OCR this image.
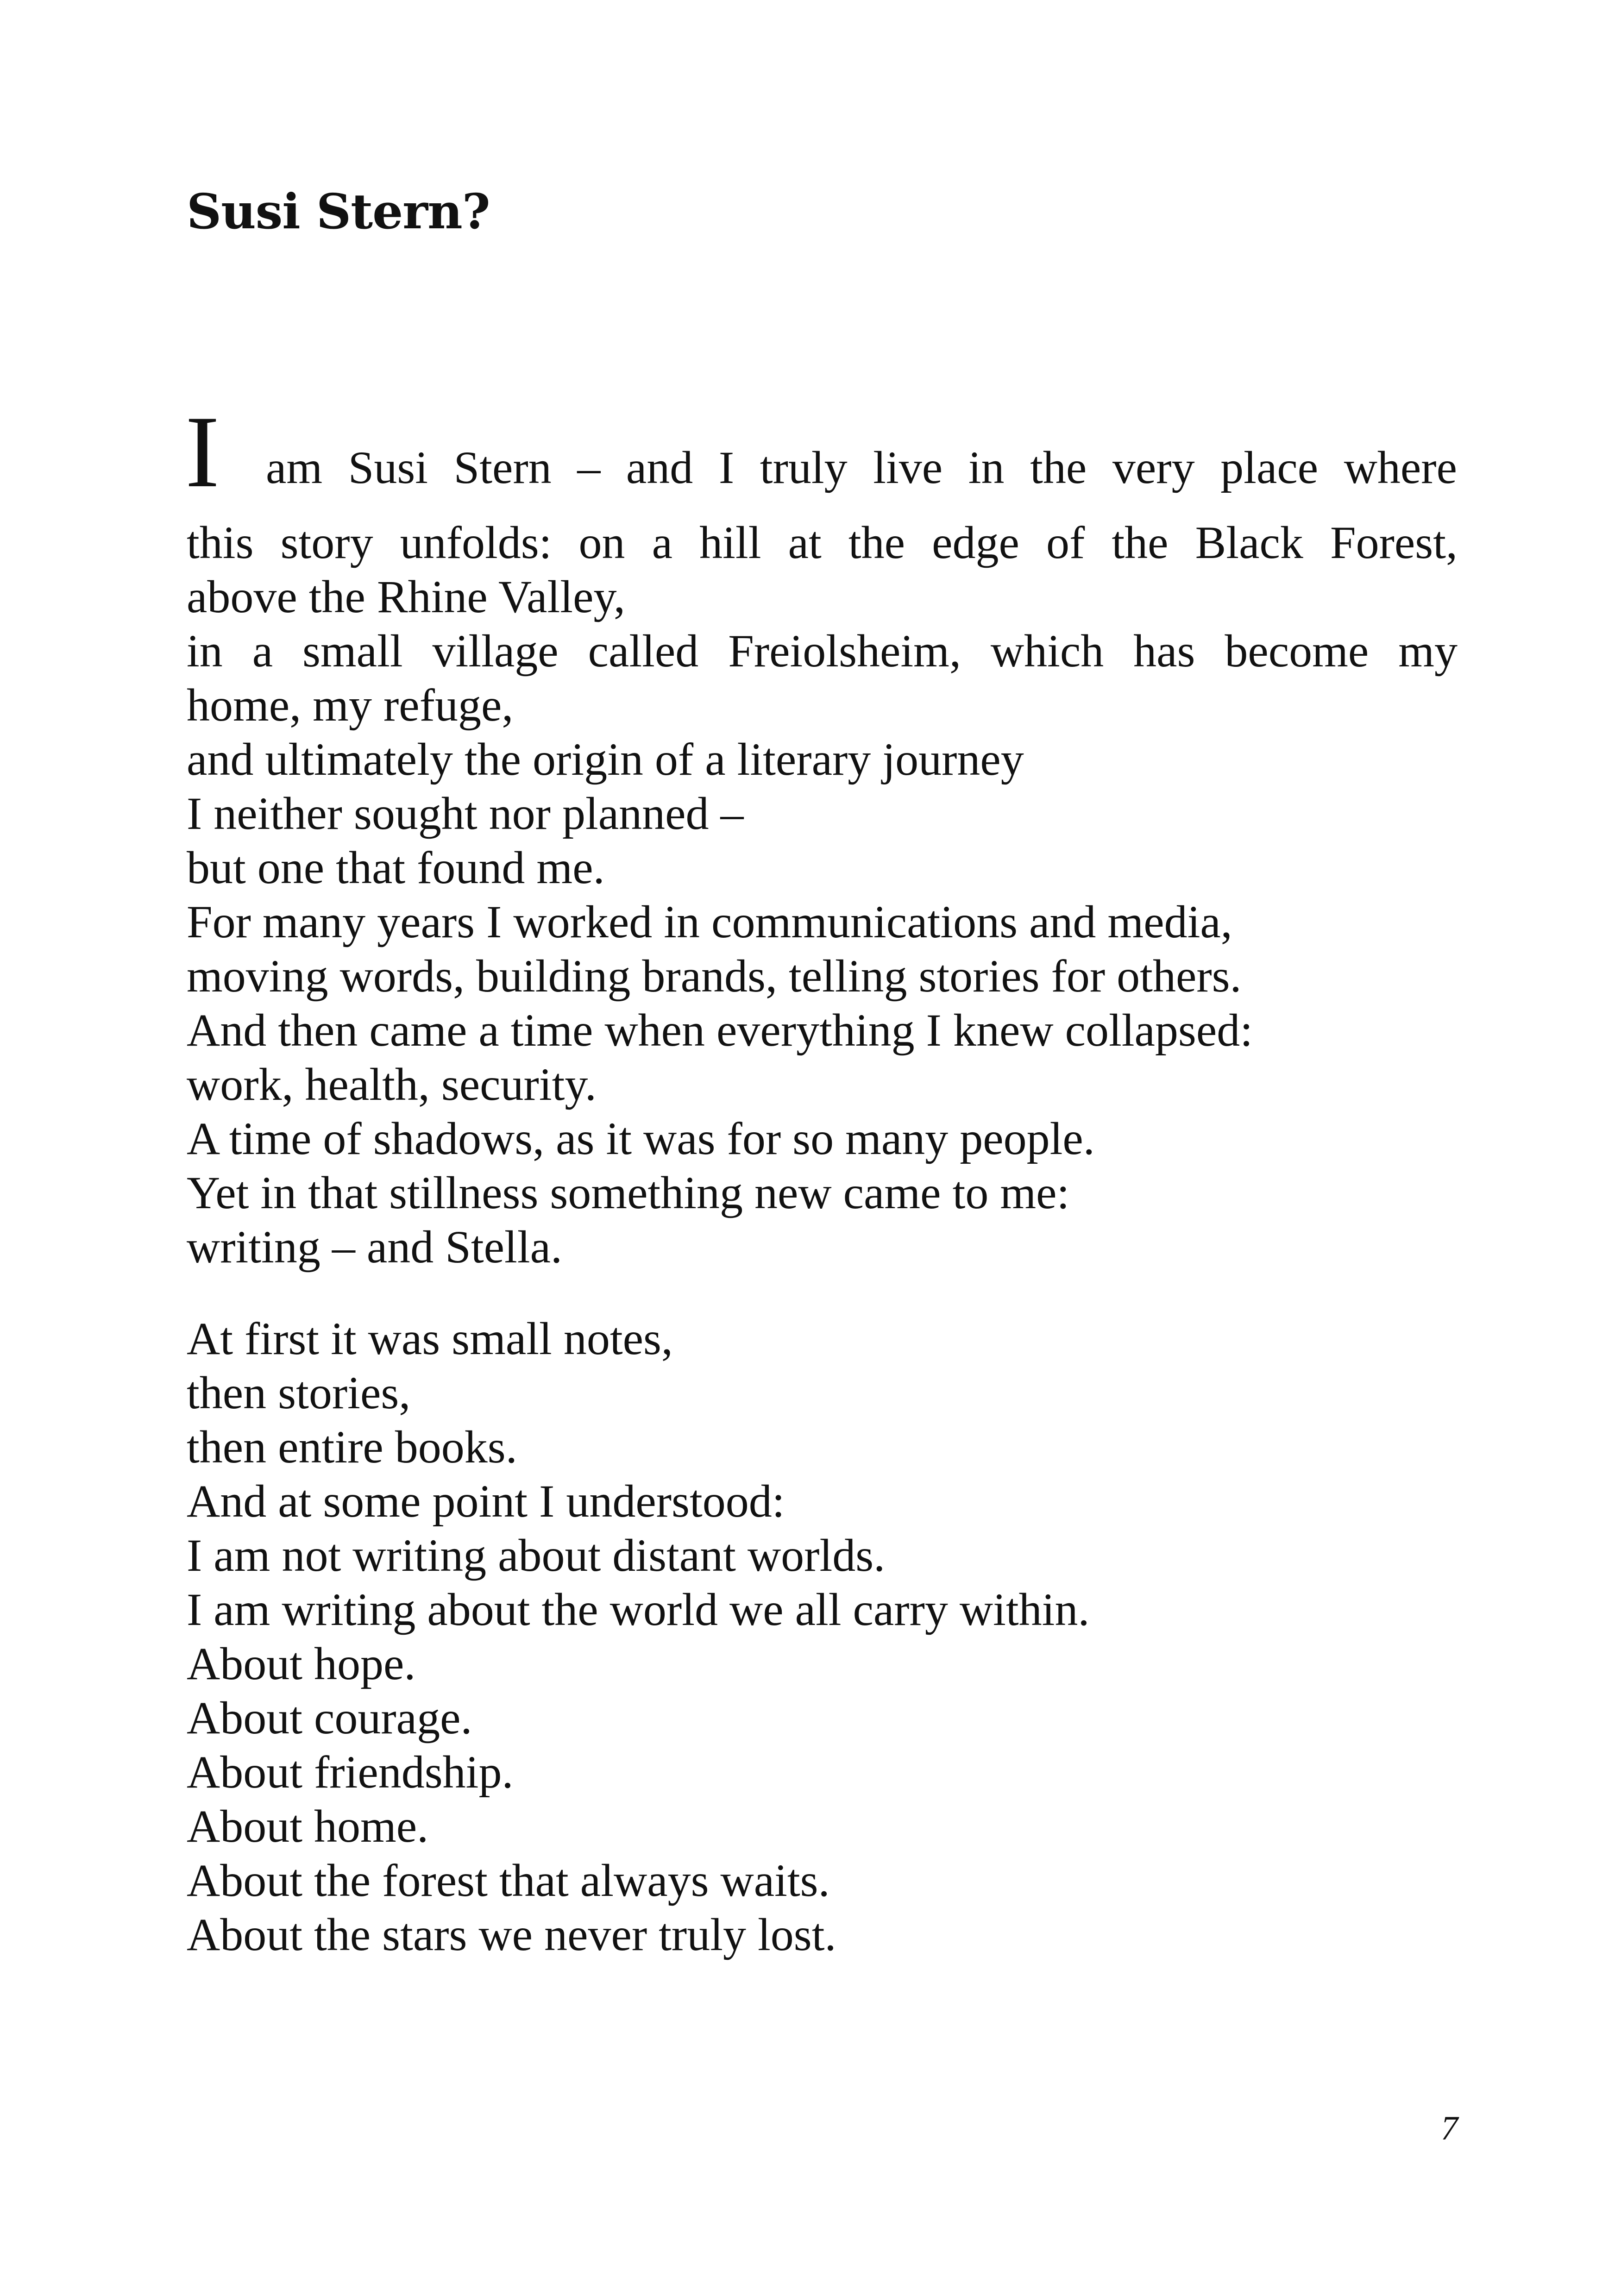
Susi Stern?
I am Susi Stern – and I truly live in the very place where
this story unfolds: on a hill at the edge of the Black Forest,
above the Rhine Valley,
in a small village called Freiolsheim, which has become my
home, my refuge,
and ultimately the origin of a literary journey
I neither sought nor planned –
but one that found me.
For many years I worked in communications and media,
moving words, building brands, telling stories for others.
And then came a time when everything I knew collapsed:
work, health, security.
A time of shadows, as it was for so many people.
Yet in that stillness something new came to me:
writing – and Stella.
At first it was small notes,
then stories,
then entire books.
And at some point I understood:
I am not writing about distant worlds.
I am writing about the world we all carry within.
About hope.
About courage.
About friendship.
About home.
About the forest that always waits.
About the stars we never truly lost.
7
